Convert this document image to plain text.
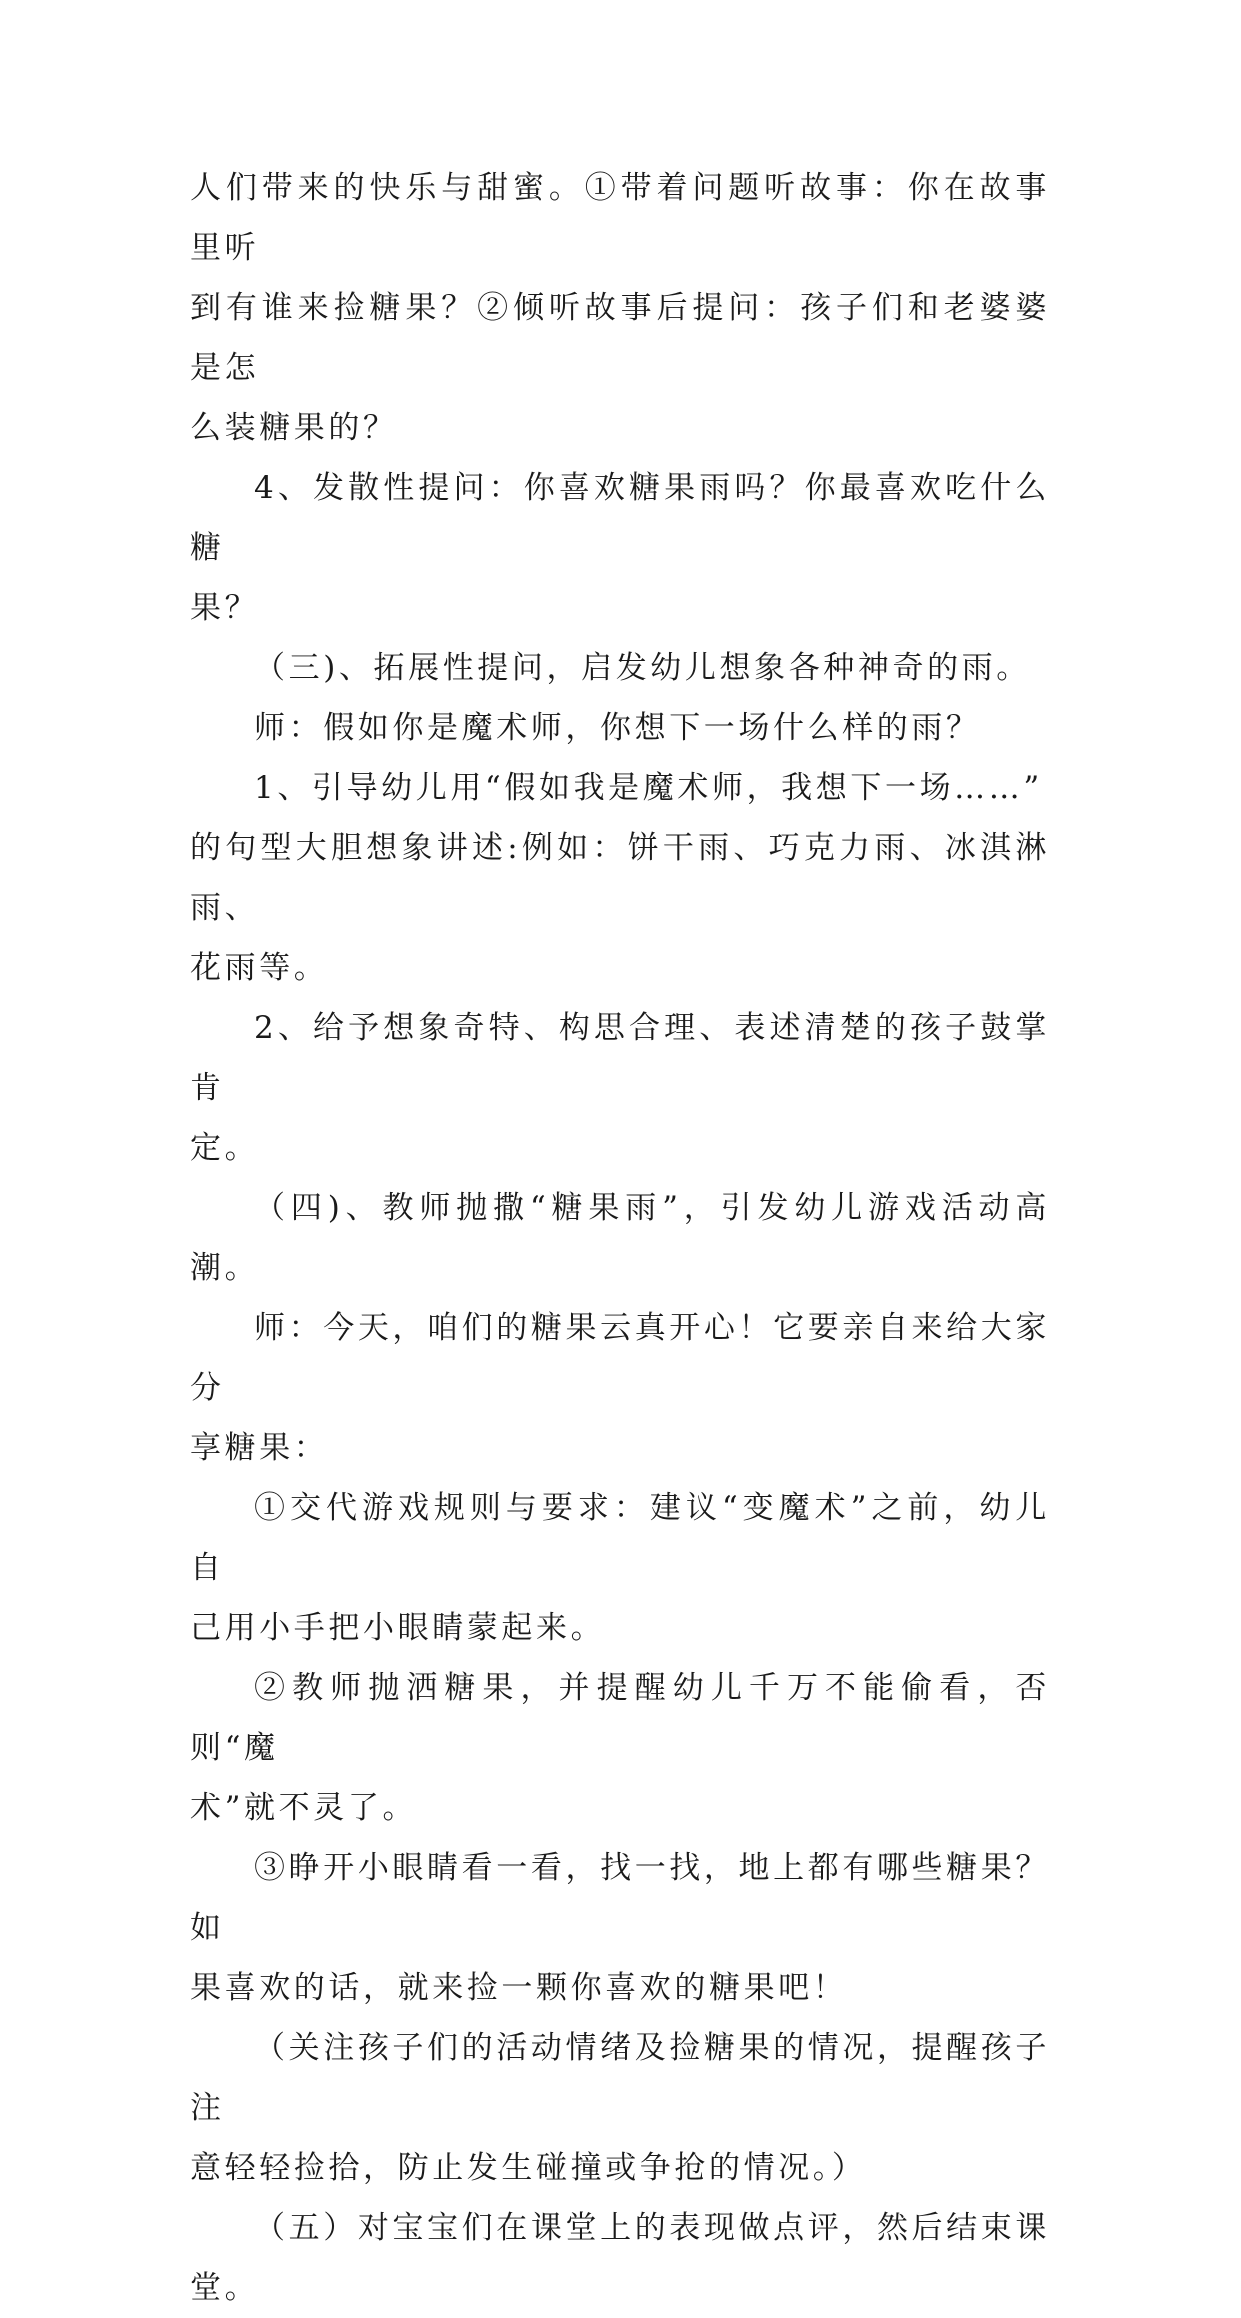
人们带来的快乐与甜蜜。①带着问题听故事：你在故事里听
到有谁来捡糖果？②倾听故事后提问：孩子们和老婆婆是怎
么装糖果的？

4、发散性提问：你喜欢糖果雨吗？你最喜欢吃什么糖
果？

（三)、拓展性提问，启发幼儿想象各种神奇的雨。

师：假如你是魔术师，你想下一场什么样的雨？

1、引导幼儿用“假如我是魔术师，我想下一场……”
的句型大胆想象讲述:例如：饼干雨、巧克力雨、冰淇淋雨、
花雨等。

2、给予想象奇特、构思合理、表述清楚的孩子鼓掌肯
定。

（四)、教师抛撒“糖果雨”，引发幼儿游戏活动高潮。

师：今天，咱们的糖果云真开心！它要亲自来给大家分
享糖果：

①交代游戏规则与要求：建议“变魔术”之前，幼儿自
己用小手把小眼睛蒙起来。

②教师抛洒糖果，并提醒幼儿千万不能偷看，否则“魔
术”就不灵了。

③睁开小眼睛看一看，找一找，地上都有哪些糖果？如
果喜欢的话，就来捡一颗你喜欢的糖果吧！

（关注孩子们的活动情绪及捡糖果的情况，提醒孩子注
意轻轻捡拾，防止发生碰撞或争抢的情况。）

（五）对宝宝们在课堂上的表现做点评，然后结束课堂。
